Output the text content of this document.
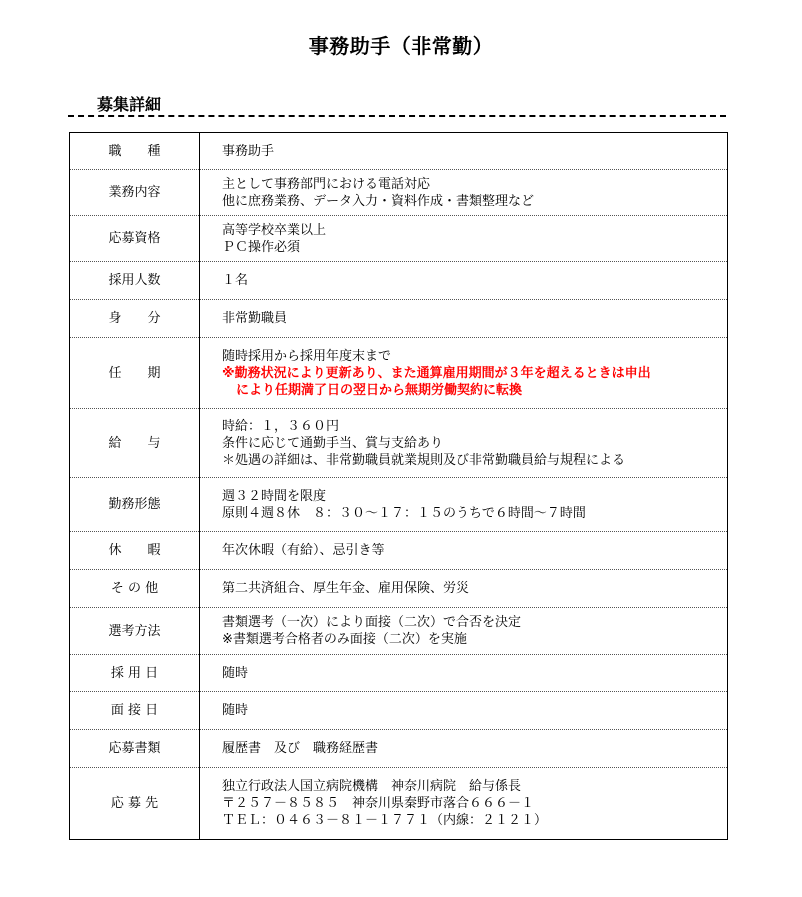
事務助手（非常勤）
募集詳細
職　　種	事務助手

業務内容	主として事務部門における電話対応
他に庶務業務、データ入力・資料作成・書類整理など

応募資格	高等学校卒業以上
ＰＣ操作必須

採用人数	１名

身　　分	非常勤職員

任　　期	随時採用から採用年度末まで
※勤務状況により更新あり、また通算雇用期間が３年を超えるときは申出
により任期満了日の翌日から無期労働契約に転換

給　　与	時給：１，３６０円
条件に応じて通勤手当、賞与支給あり
＊処遇の詳細は、非常勤職員就業規則及び非常勤職員給与規程による

勤務形態	週３２時間を限度
原則４週８休　８：３０～１７：１５のうちで６時間～７時間

休　　暇	年次休暇（有給）、忌引き等

そ の 他	第二共済組合、厚生年金、雇用保険、労災

選考方法	書類選考（一次）により面接（二次）で合否を決定
※書類選考合格者のみ面接（二次）を実施

採 用 日	随時

面 接 日	随時

応募書類	履歴書　及び　職務経歴書

応 募 先	独立行政法人国立病院機構　神奈川病院　給与係長
〒２５７－８５８５　神奈川県秦野市落合６６６－１
ＴＥＬ：０４６３－８１－１７７１（内線：２１２１）
